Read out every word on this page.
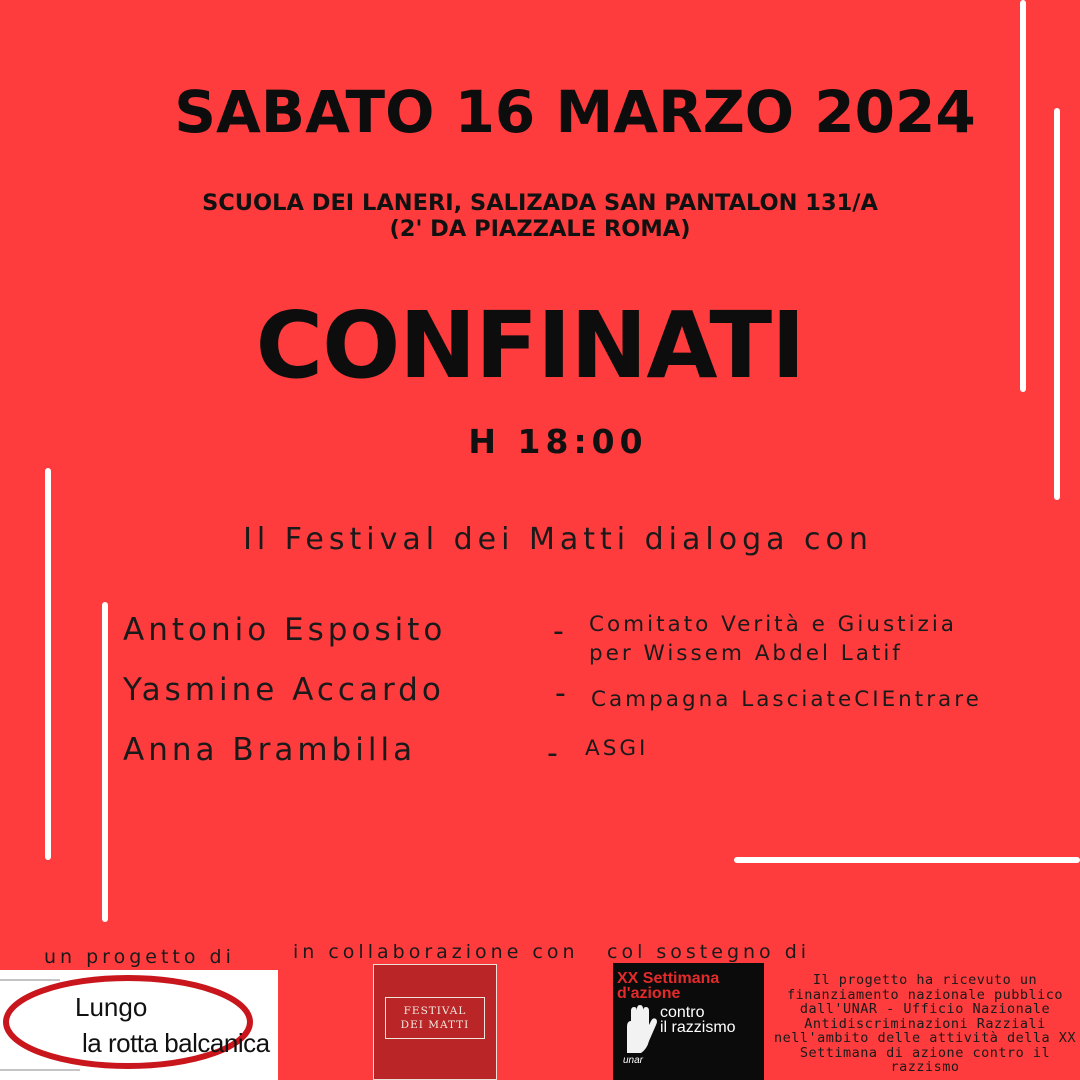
SABATO 16 MARZO 2024
SCUOLA DEI LANERI, SALIZADA SAN PANTALON 131/A
(2' DA PIAZZALE ROMA)
CONFINATI
H 18:00
Il Festival dei Matti dialoga con
Antonio Esposito	- Comitato Verità e Giustizia
per Wissem Abdel Latif
Yasmine Accardo	- Campagna LasciateCIEntrare
Anna Brambilla	- ASGI
un progetto di	in collaborazione con col sostegno di
Lungo
la rotta balcanica
FESTIVAL
DEI MATTI
XX Settimana
d'azione
contro
il razzismo
unar
Il progetto ha ricevuto un
finanziamento nazionale pubblico
dall'UNAR - Ufficio Nazionale
Antidiscriminazioni Razziali
nell'ambito delle attività della XX
Settimana di azione contro il
razzismo
